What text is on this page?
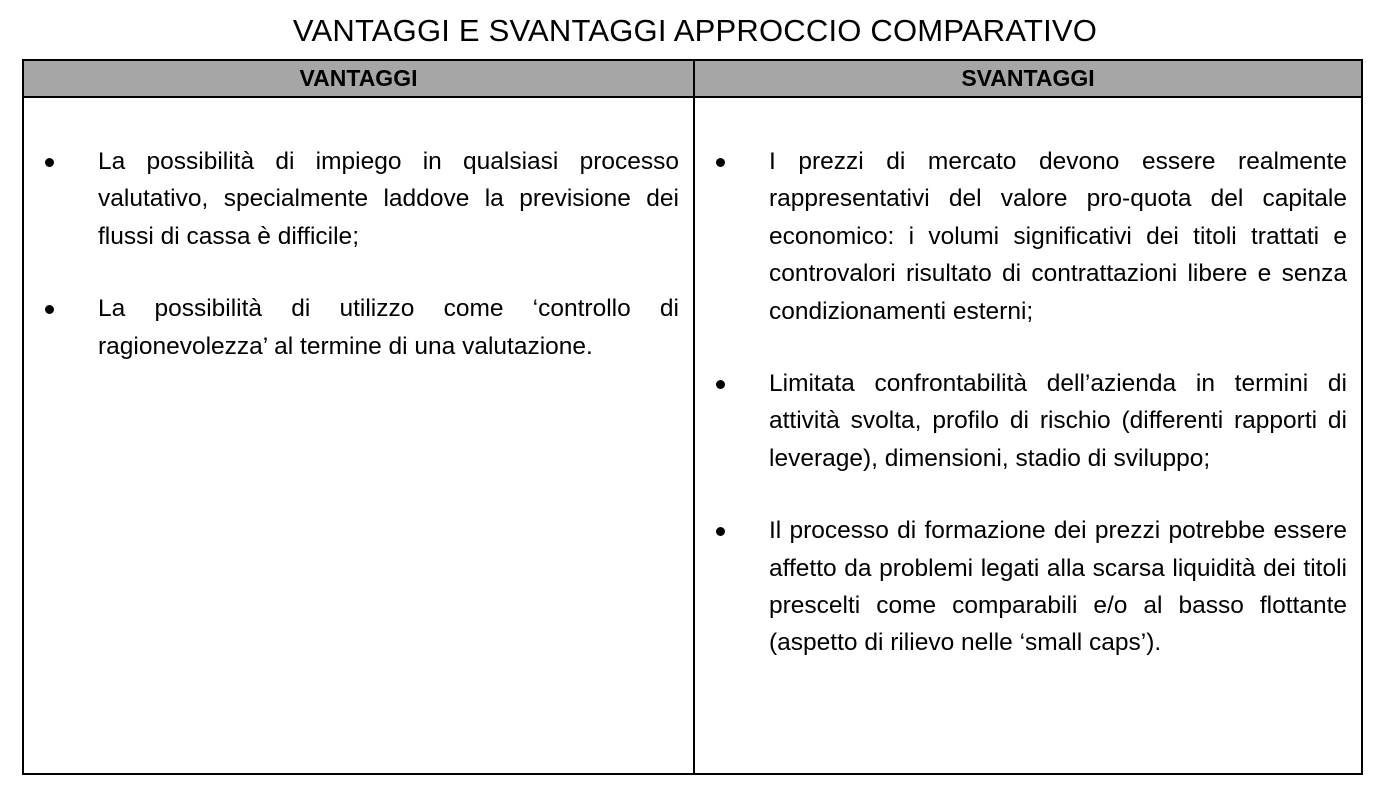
VANTAGGI E SVANTAGGI APPROCCIO COMPARATIVO
VANTAGGI	SVANTAGGI
La possibilità di impiego in qualsiasi processo valutativo, specialmente laddove la previsione dei flussi di cassa è difficile;
La possibilità di utilizzo come ‘controllo di ragionevolezza’ al termine di una valutazione.
I prezzi di mercato devono essere realmente rappresentativi del valore pro-quota del capitale economico: i volumi significativi dei titoli trattati e controvalori risultato di contrattazioni libere e senza condizionamenti esterni;
Limitata confrontabilità dell’azienda in termini di attività svolta, profilo di rischio (differenti rapporti di leverage), dimensioni, stadio di sviluppo;
Il processo di formazione dei prezzi potrebbe essere affetto da problemi legati alla scarsa liquidità dei titoli prescelti come comparabili e/o al basso flottante (aspetto di rilievo nelle ‘small caps’).
